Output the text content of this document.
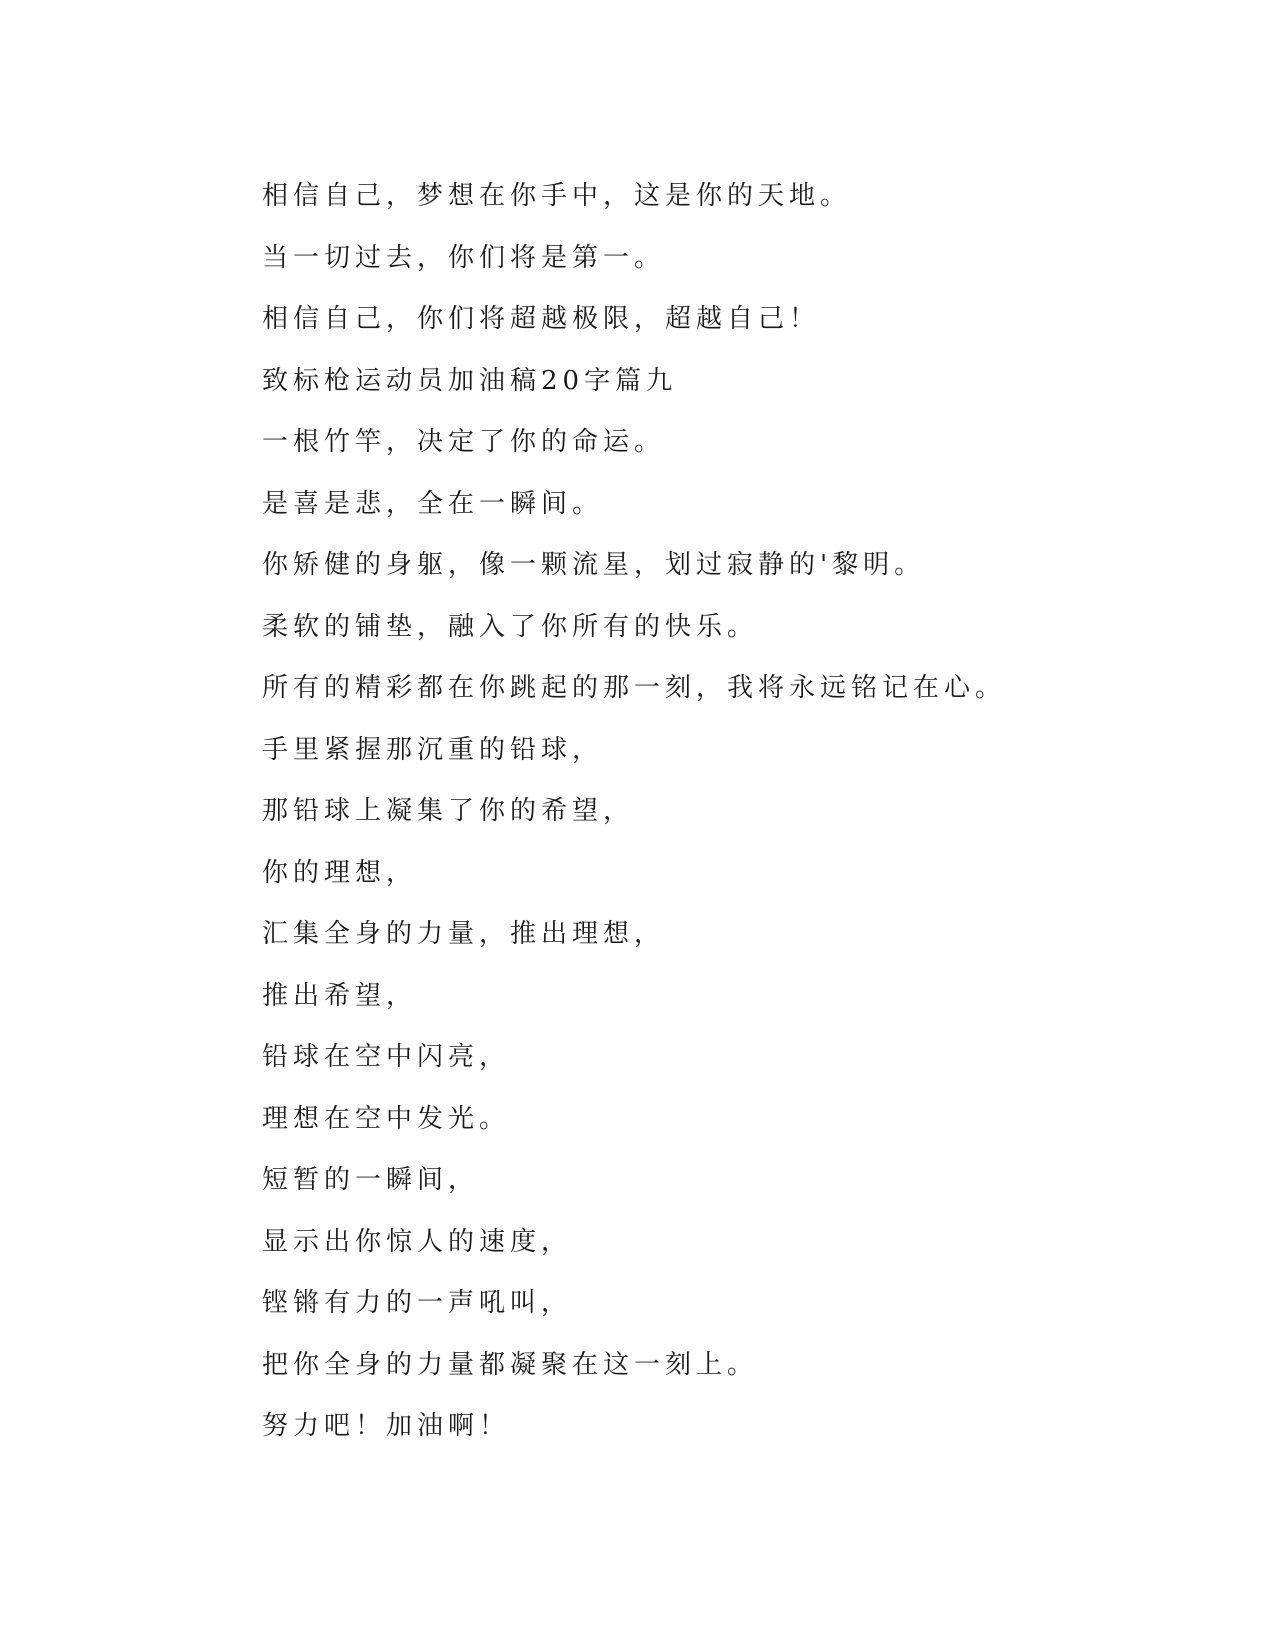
相信自己，梦想在你手中，这是你的天地。
当一切过去，你们将是第一。
相信自己，你们将超越极限，超越自己！
致标枪运动员加油稿20字篇九
一根竹竿，决定了你的命运。
是喜是悲，全在一瞬间。
你矫健的身躯，像一颗流星，划过寂静的'黎明。
柔软的铺垫，融入了你所有的快乐。
所有的精彩都在你跳起的那一刻，我将永远铭记在心。
手里紧握那沉重的铅球，
那铅球上凝集了你的希望，
你的理想，
汇集全身的力量，推出理想，
推出希望，
铅球在空中闪亮，
理想在空中发光。
短暂的一瞬间，
显示出你惊人的速度，
铿锵有力的一声吼叫，
把你全身的力量都凝聚在这一刻上。
努力吧！加油啊！
